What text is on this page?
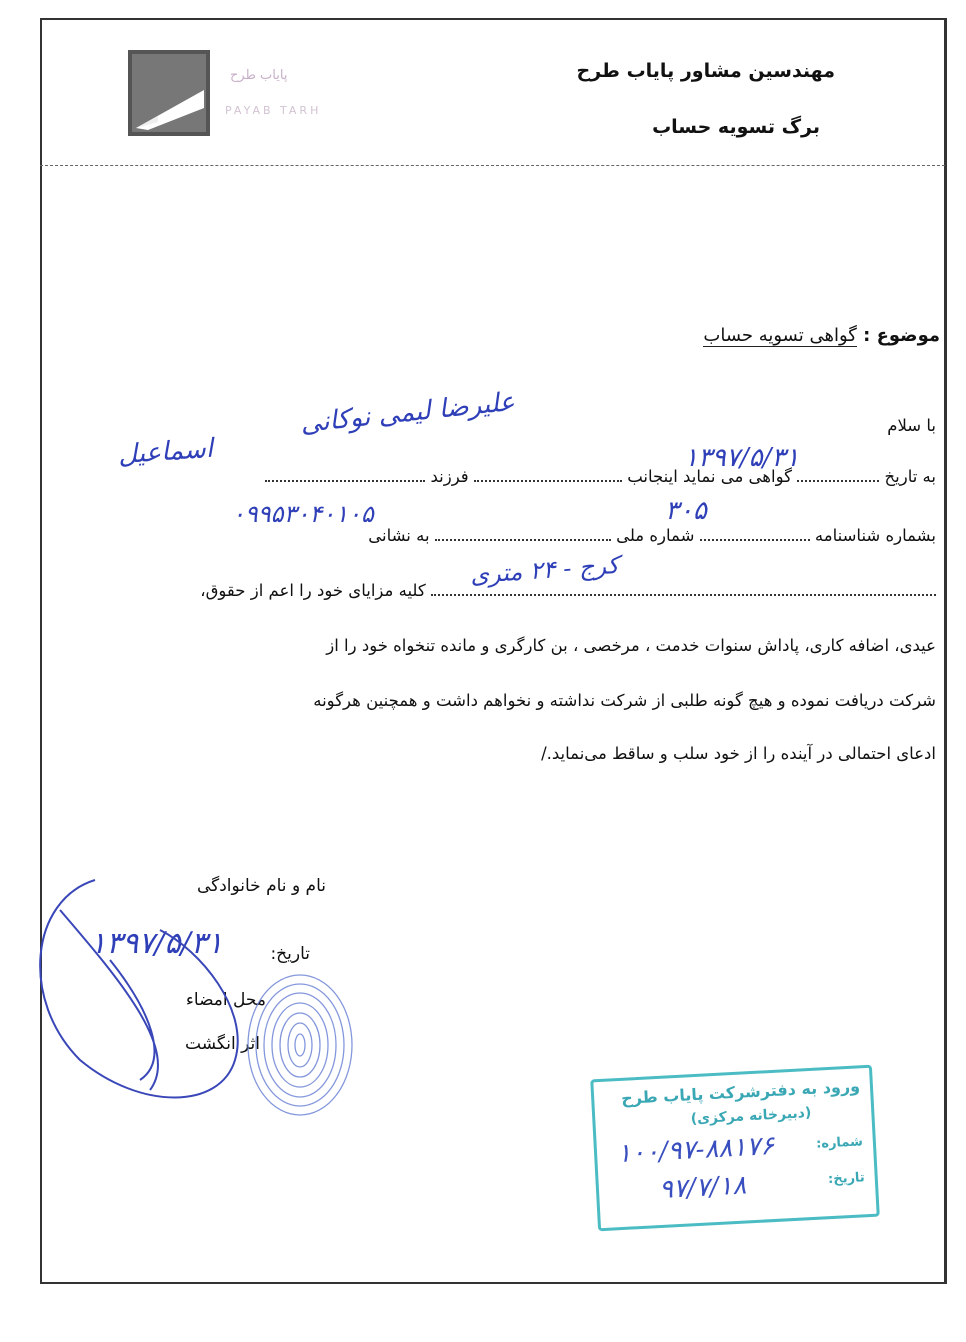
پایاب طرح
PAYAB TARH
مهندسین مشاور پایاب طرح
برگ تسویه حساب
موضوع : گواهی تسویه حساب
با سلام
به تاریخ  گواهی می نماید اینجانب  فرزند
بشماره شناسنامه  شماره ملی  به نشانی
کلیه مزایای خود را اعم از حقوق،
عیدی، اضافه کاری، پاداش سنوات خدمت ، مرخصی ، بن کارگری و مانده تنخواه خود را از
شرکت دریافت نموده و هیچ گونه طلبی از شرکت نداشته و نخواهم داشت و همچنین هرگونه
ادعای احتمالی در آینده را از خود سلب و ساقط می‌نماید./
علیرضا لیمی نوکانی
اسماعیل	۱۳۹۷/۵/۳۱
۳۰۵
۰۹۹۵۳۰۴۰۱۰۵
کرج - ۲۴ متری
نام و نام خانوادگی
تاریخ:
محل امضاء
اثر انگشت
۱۳۹۷/۵/۳۱
ورود به دفترشرکت پایاب طرح
(دبیرخانه مرکزی)
شماره:
تاریخ:
۱۰۰/۹۷-۸۸۱۷۶
۹۷/۷/۱۸
